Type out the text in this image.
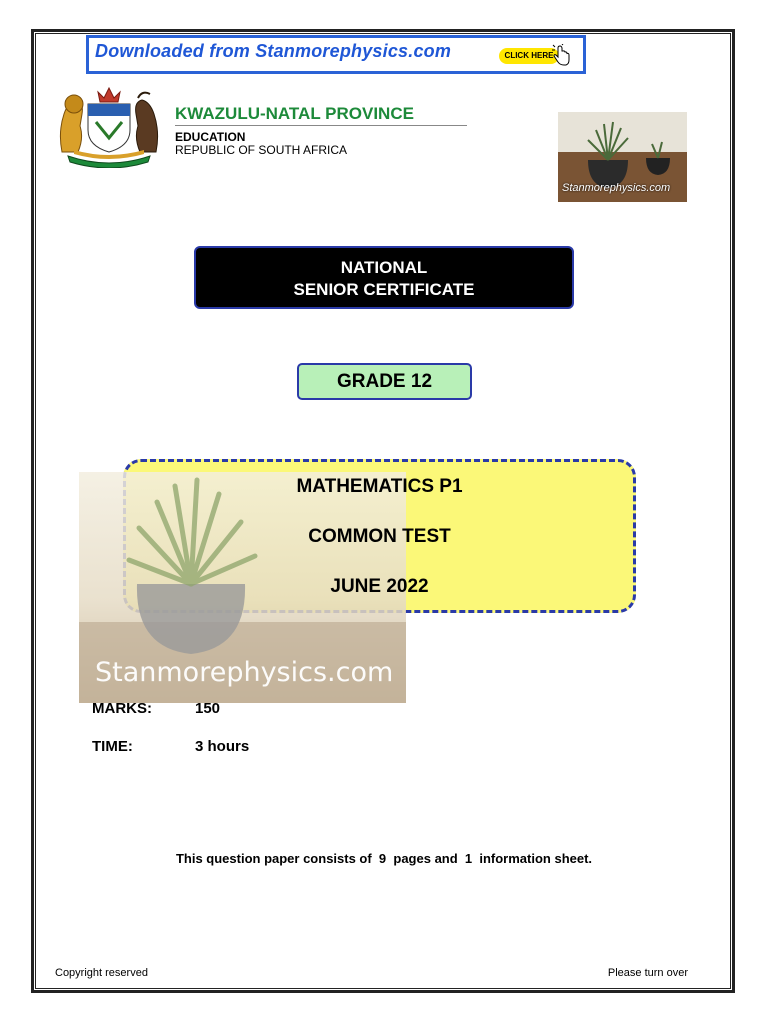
Downloaded from Stanmorephysics.com	CLICK HERE
KWAZULU-NATAL PROVINCE
EDUCATION
REPUBLIC OF SOUTH AFRICA
Stanmorephysics.com
NATIONAL
SENIOR CERTIFICATE
GRADE 12
Stanmorephysics.com
MATHEMATICS P1
COMMON TEST
JUNE 2022
MARKS:	150
TIME:	3 hours
This question paper consists of  9  pages and  1  information sheet.
Copyright reserved	Please turn over
